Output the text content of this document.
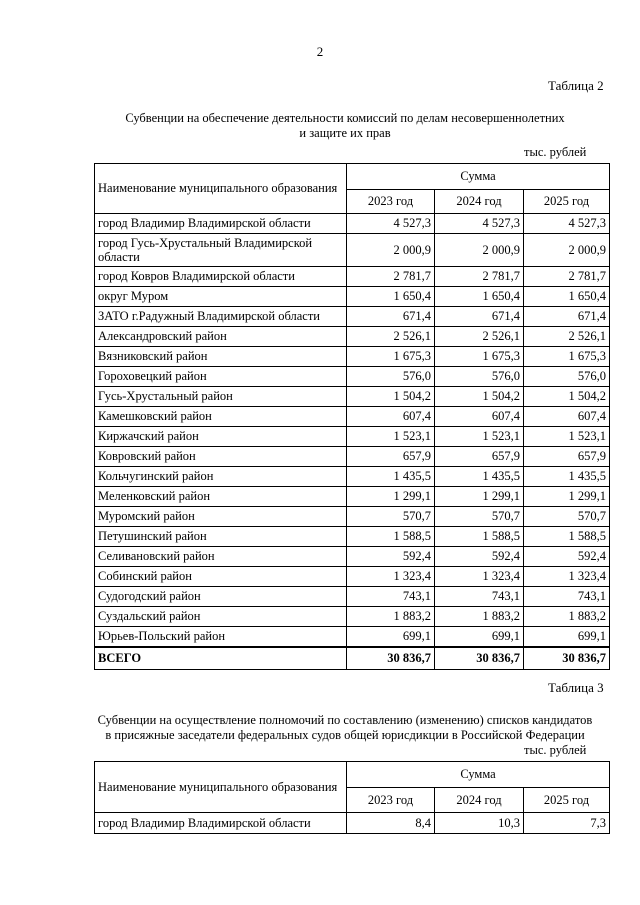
2
Таблица 2
Субвенции на обеспечение деятельности комиссий по делам несовершеннолетних
и защите их прав
тыс. рублей
Наименование муниципального образования	Сумма		
	2023 год	2024 год	2025 год
город Владимир Владимирской области	4 527,3	4 527,3	4 527,3
город Гусь-Хрустальный Владимирской области	2 000,9	2 000,9	2 000,9
город Ковров Владимирской области	2 781,7	2 781,7	2 781,7
округ Муром	1 650,4	1 650,4	1 650,4
ЗАТО г.Радужный Владимирской области	671,4	671,4	671,4
Александровский район	2 526,1	2 526,1	2 526,1
Вязниковский район	1 675,3	1 675,3	1 675,3
Гороховецкий район	576,0	576,0	576,0
Гусь-Хрустальный район	1 504,2	1 504,2	1 504,2
Камешковский район	607,4	607,4	607,4
Киржачский район	1 523,1	1 523,1	1 523,1
Ковровский район	657,9	657,9	657,9
Кольчугинский район	1 435,5	1 435,5	1 435,5
Меленковский район	1 299,1	1 299,1	1 299,1
Муромский район	570,7	570,7	570,7
Петушинский район	1 588,5	1 588,5	1 588,5
Селивановский район	592,4	592,4	592,4
Собинский район	1 323,4	1 323,4	1 323,4
Судогодский район	743,1	743,1	743,1
Суздальский район	1 883,2	1 883,2	1 883,2
Юрьев-Польский район	699,1	699,1	699,1
ВСЕГО	30 836,7	30 836,7	30 836,7
Таблица 3
Субвенции на осуществление полномочий по составлению (изменению) списков кандидатов
в присяжные заседатели федеральных судов общей юрисдикции в Российской Федерации
тыс. рублей
Наименование муниципального образования	Сумма		
	2023 год	2024 год	2025 год
город Владимир Владимирской области	8,4	10,3	7,3
